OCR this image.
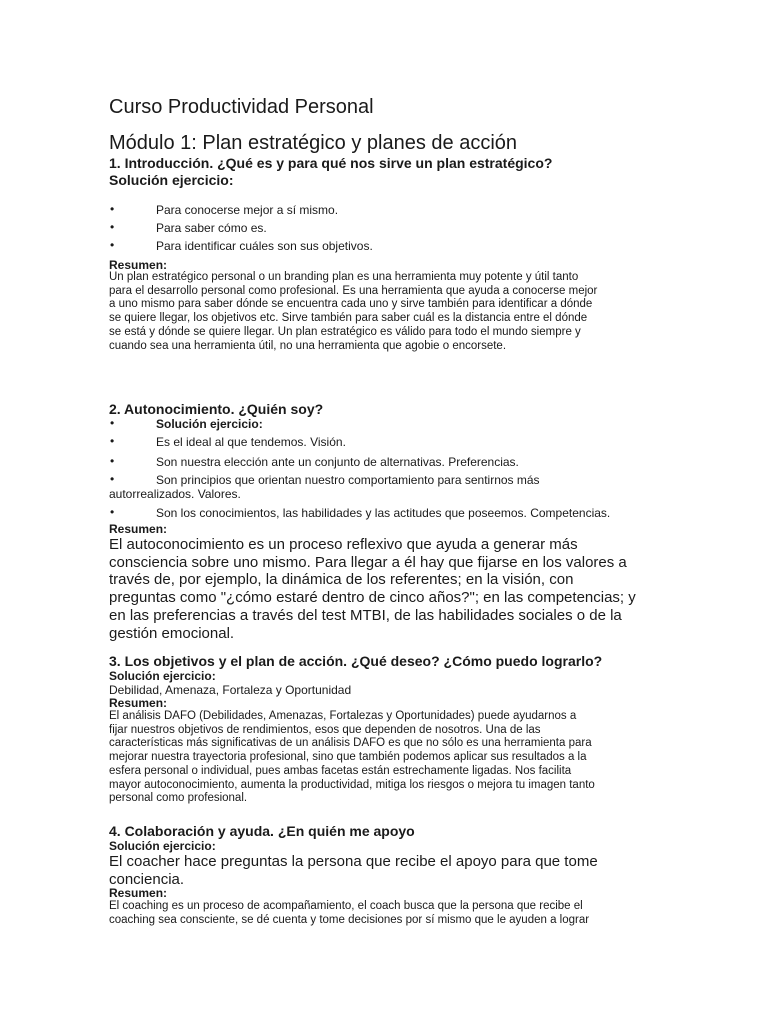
Curso Productividad Personal
Módulo 1: Plan estratégico y planes de acción
1. Introducción. ¿Qué es y para qué nos sirve un plan estratégico?
Solución ejercicio:
•	Para conocerse mejor a sí mismo.
•	Para saber cómo es.
•	Para identificar cuáles son sus objetivos.
Resumen:
Un plan estratégico personal o un branding plan es una herramienta muy potente y útil tanto
para el desarrollo personal como profesional. Es una herramienta que ayuda a conocerse mejor
a uno mismo para saber dónde se encuentra cada uno y sirve también para identificar a dónde
se quiere llegar, los objetivos etc. Sirve también para saber cuál es la distancia entre el dónde
se está y dónde se quiere llegar. Un plan estratégico es válido para todo el mundo siempre y
cuando sea una herramienta útil, no una herramienta que agobie o encorsete.
2. Autonocimiento. ¿Quién soy?
•	Solución ejercicio:
•	Es el ideal al que tendemos. Visión.
•	Son nuestra elección ante un conjunto de alternativas. Preferencias.
•	Son principios que orientan nuestro comportamiento para sentirnos más
autorrealizados. Valores.
•	Son los conocimientos, las habilidades y las actitudes que poseemos. Competencias.
Resumen:
El autoconocimiento es un proceso reflexivo que ayuda a generar más
consciencia sobre uno mismo. Para llegar a él hay que fijarse en los valores a
través de, por ejemplo, la dinámica de los referentes; en la visión, con
preguntas como "¿cómo estaré dentro de cinco años?"; en las competencias; y
en las preferencias a través del test MTBI, de las habilidades sociales o de la
gestión emocional.
3. Los objetivos y el plan de acción. ¿Qué deseo? ¿Cómo puedo lograrlo?
Solución ejercicio:
Debilidad, Amenaza, Fortaleza y Oportunidad
Resumen:
El análisis DAFO (Debilidades, Amenazas, Fortalezas y Oportunidades) puede ayudarnos a
fijar nuestros objetivos de rendimientos, esos que dependen de nosotros. Una de las
características más significativas de un análisis DAFO es que no sólo es una herramienta para
mejorar nuestra trayectoria profesional, sino que también podemos aplicar sus resultados a la
esfera personal o individual, pues ambas facetas están estrechamente ligadas. Nos facilita
mayor autoconocimiento, aumenta la productividad, mitiga los riesgos o mejora tu imagen tanto
personal como profesional.
4. Colaboración y ayuda. ¿En quién me apoyo
Solución ejercicio:
El coacher hace preguntas la persona que recibe el apoyo para que tome
conciencia.
Resumen:
El coaching es un proceso de acompañamiento, el coach busca que la persona que recibe el
coaching sea consciente, se dé cuenta y tome decisiones por sí mismo que le ayuden a lograr
